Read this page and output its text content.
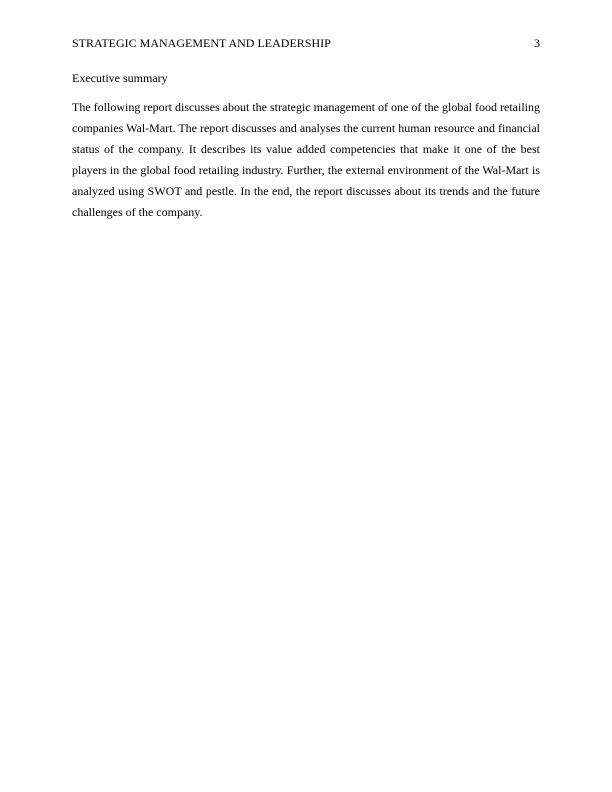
STRATEGIC MANAGEMENT AND LEADERSHIP	3
Executive summary

The following report discusses about the strategic management of one of the global food retailing companies Wal-Mart. The report discusses and analyses the current human resource and financial status of the company. It describes its value added competencies that make it one of the best players in the global food retailing industry. Further, the external environment of the Wal-Mart is analyzed using SWOT and pestle. In the end, the report discusses about its trends and the future challenges of the company.
